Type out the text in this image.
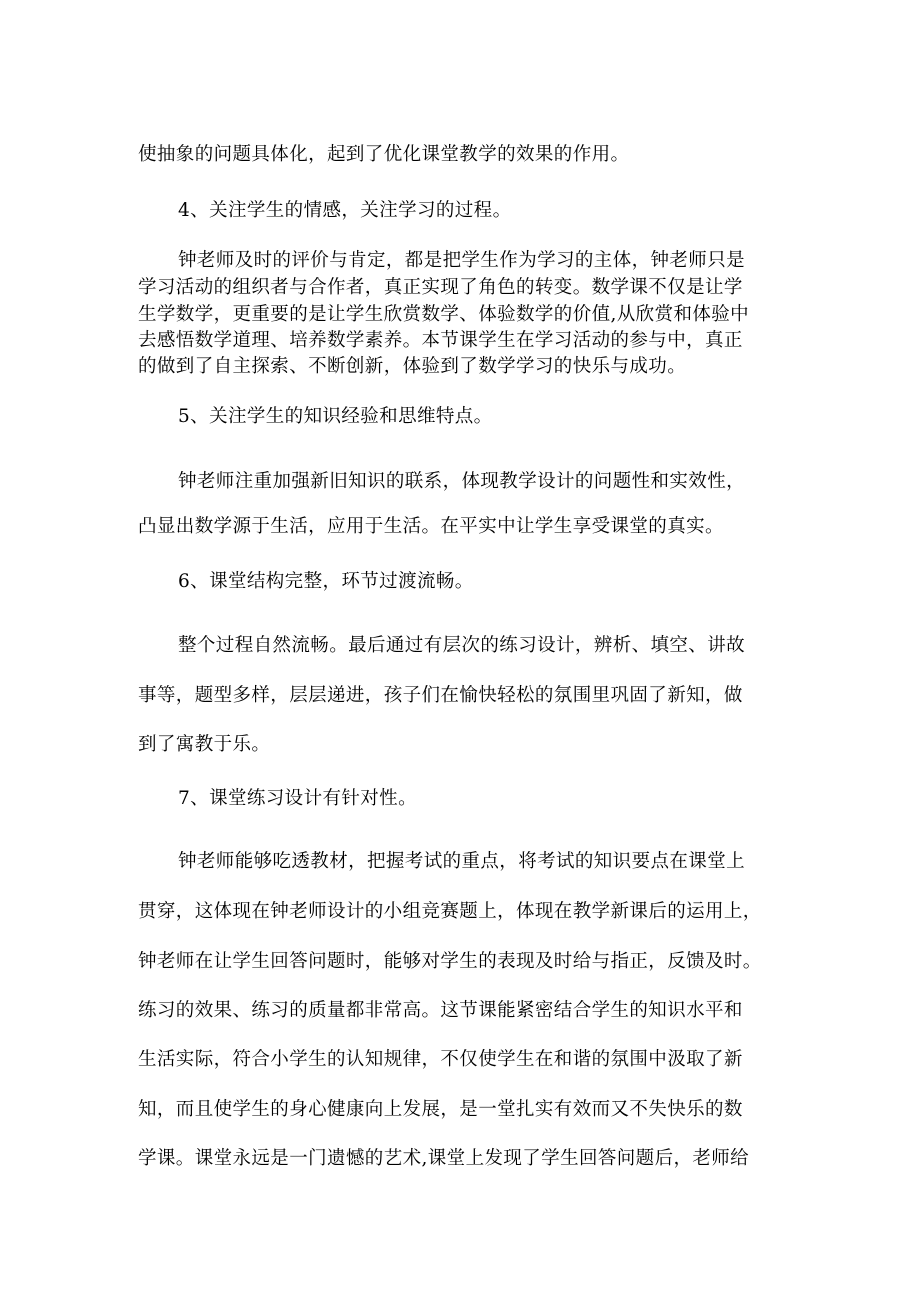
使抽象的问题具体化，起到了优化课堂教学的效果的作用。

4、关注学生的情感，关注学习的过程。

钟老师及时的评价与肯定，都是把学生作为学习的主体，钟老师只是

学习活动的组织者与合作者，真正实现了角色的转变。数学课不仅是让学

生学数学，更重要的是让学生欣赏数学、体验数学的价值,从欣赏和体验中

去感悟数学道理、培养数学素养。本节课学生在学习活动的参与中，真正

的做到了自主探索、不断创新，体验到了数学学习的快乐与成功。

5、关注学生的知识经验和思维特点。

钟老师注重加强新旧知识的联系，体现教学设计的问题性和实效性，

凸显出数学源于生活，应用于生活。在平实中让学生享受课堂的真实。

6、课堂结构完整，环节过渡流畅。

整个过程自然流畅。最后通过有层次的练习设计，辨析、填空、讲故

事等，题型多样，层层递进，孩子们在愉快轻松的氛围里巩固了新知，做

到了寓教于乐。

7、课堂练习设计有针对性。

钟老师能够吃透教材，把握考试的重点，将考试的知识要点在课堂上

贯穿，这体现在钟老师设计的小组竞赛题上，体现在教学新课后的运用上，

钟老师在让学生回答问题时，能够对学生的表现及时给与指正，反馈及时。

练习的效果、练习的质量都非常高。这节课能紧密结合学生的知识水平和

生活实际，符合小学生的认知规律，不仅使学生在和谐的氛围中汲取了新

知，而且使学生的身心健康向上发展，是一堂扎实有效而又不失快乐的数

学课。课堂永远是一门遗憾的艺术,课堂上发现了学生回答问题后，老师给
